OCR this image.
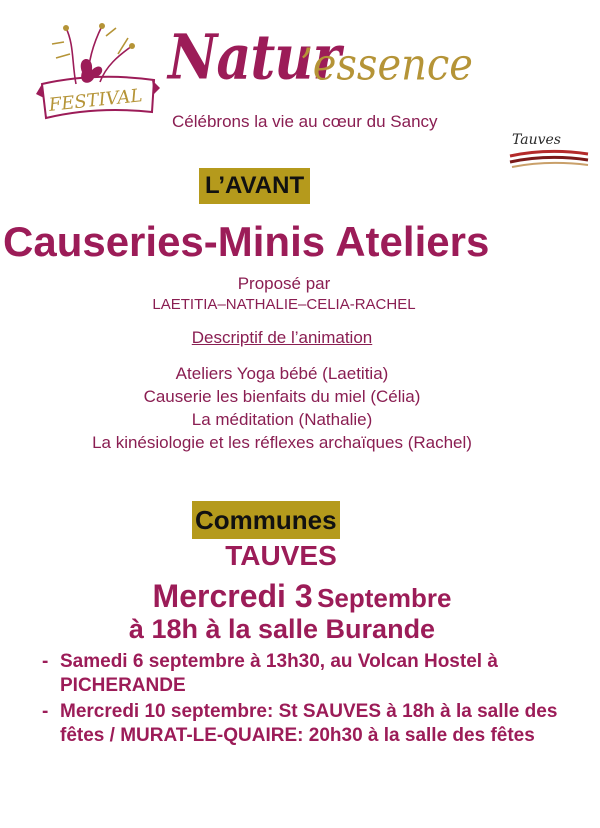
FESTIVAL
Natur
’essence
Célébrons la vie au cœur du Sancy
Tauves
L’AVANT
Causeries-Minis Ateliers
Proposé par
LAETITIA–NATHALIE–CELIA-RACHEL
Descriptif de l’animation
Ateliers Yoga bébé (Laetitia)
Causerie les bienfaits du miel (Célia)
La méditation (Nathalie)
La kinésiologie et les réflexes archaïques (Rachel)
Communes
TAUVES
Mercredi 3 Septembre
à 18h à la salle Burande
- Samedi 6 septembre à 13h30, au Volcan Hostel à PICHERANDE
- Mercredi 10 septembre: St SAUVES à 18h à la salle des fêtes / MURAT-LE-QUAIRE: 20h30 à la salle des fêtes
